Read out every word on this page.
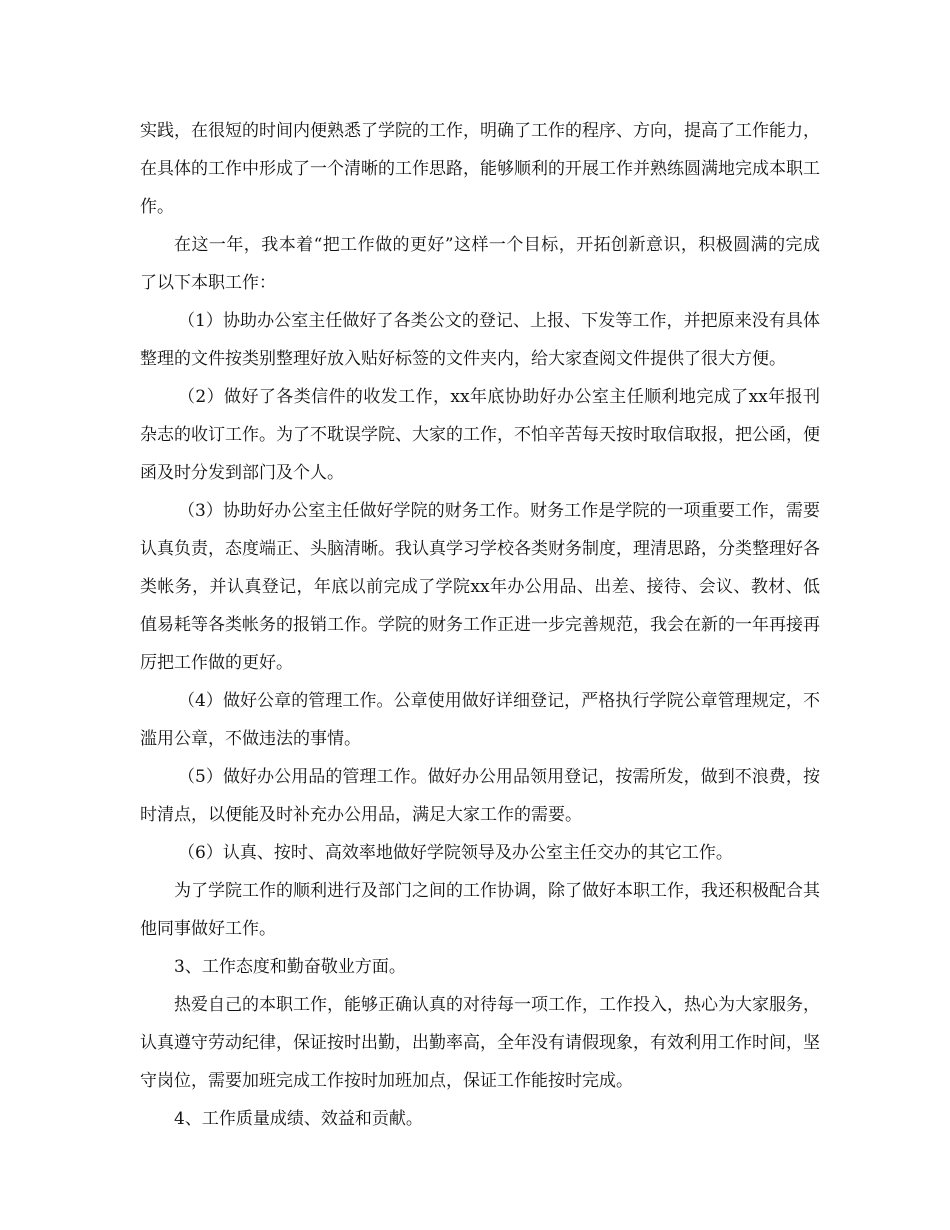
实践，在很短的时间内便熟悉了学院的工作，明确了工作的程序、方向，提高了工作能力，在具体的工作中形成了一个清晰的工作思路，能够顺利的开展工作并熟练圆满地完成本职工作。

在这一年，我本着“把工作做的更好”这样一个目标，开拓创新意识，积极圆满的完成了以下本职工作：

（1）协助办公室主任做好了各类公文的登记、上报、下发等工作，并把原来没有具体整理的文件按类别整理好放入贴好标签的文件夹内，给大家查阅文件提供了很大方便。

（2）做好了各类信件的收发工作，xx年底协助好办公室主任顺利地完成了xx年报刊杂志的收订工作。为了不耽误学院、大家的工作，不怕辛苦每天按时取信取报，把公函，便函及时分发到部门及个人。

（3）协助好办公室主任做好学院的财务工作。财务工作是学院的一项重要工作，需要认真负责，态度端正、头脑清晰。我认真学习学校各类财务制度，理清思路，分类整理好各类帐务，并认真登记，年底以前完成了学院xx年办公用品、出差、接待、会议、教材、低值易耗等各类帐务的报销工作。学院的财务工作正进一步完善规范，我会在新的一年再接再厉把工作做的更好。

（4）做好公章的管理工作。公章使用做好详细登记，严格执行学院公章管理规定，不滥用公章，不做违法的事情。

（5）做好办公用品的管理工作。做好办公用品领用登记，按需所发，做到不浪费，按时清点，以便能及时补充办公用品，满足大家工作的需要。

（6）认真、按时、高效率地做好学院领导及办公室主任交办的其它工作。

为了学院工作的顺利进行及部门之间的工作协调，除了做好本职工作，我还积极配合其他同事做好工作。

3、工作态度和勤奋敬业方面。

热爱自己的本职工作，能够正确认真的对待每一项工作，工作投入，热心为大家服务，认真遵守劳动纪律，保证按时出勤，出勤率高，全年没有请假现象，有效利用工作时间，坚守岗位，需要加班完成工作按时加班加点，保证工作能按时完成。

4、工作质量成绩、效益和贡献。
